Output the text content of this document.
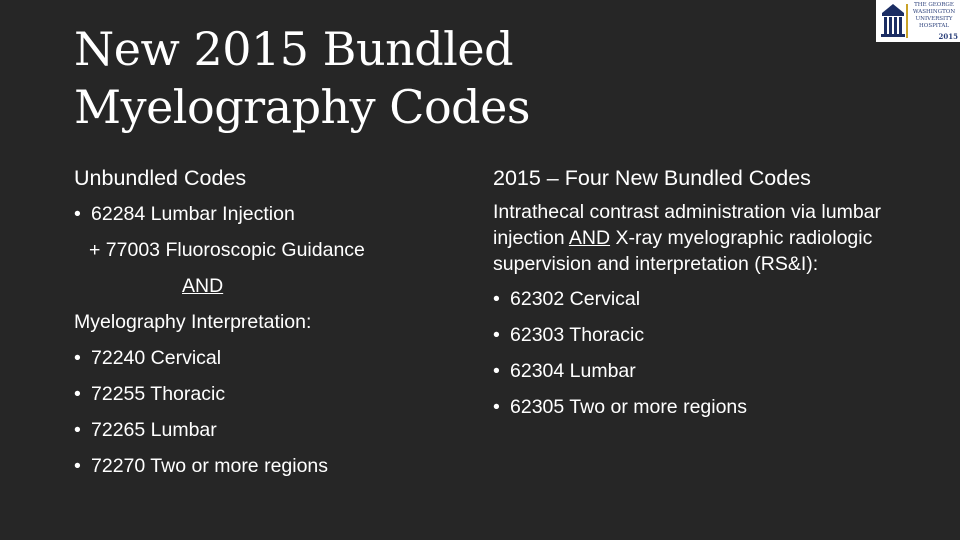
New 2015 Bundled
Myelography Codes
THE GEORGE
WASHINGTON
UNIVERSITY
HOSPITAL
2015
Unbundled Codes
• 62284 Lumbar Injection
+ 77003 Fluoroscopic Guidance
AND
Myelography Interpretation:
• 72240 Cervical
• 72255 Thoracic
• 72265 Lumbar
• 72270 Two or more regions
2015 – Four New Bundled Codes
Intrathecal contrast administration via lumbar injection AND X-ray myelographic radiologic supervision and interpretation (RS&I):
• 62302 Cervical
• 62303 Thoracic
• 62304 Lumbar
• 62305 Two or more regions
